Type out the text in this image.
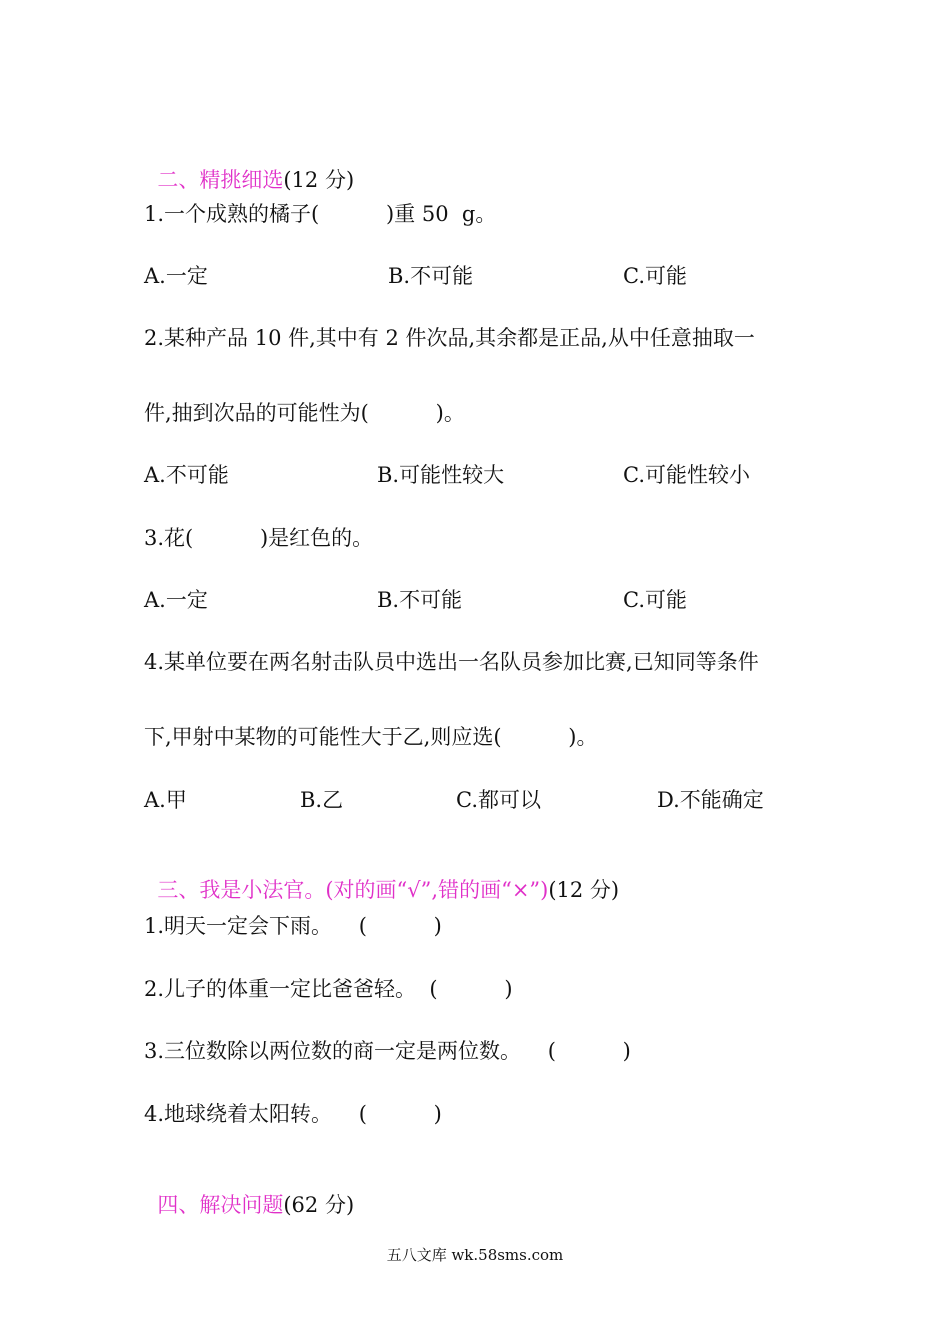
二、精挑细选(12 分)

1.一个成熟的橘子(          )重 50  g。
A.一定	B.不可能	C.可能
2.某种产品 10 件,其中有 2 件次品,其余都是正品,从中任意抽取一
件,抽到次品的可能性为(          )。
A.不可能	B.可能性较大	C.可能性较小
3.花(          )是红色的。
A.一定	B.不可能	C.可能
4.某单位要在两名射击队员中选出一名队员参加比赛,已知同等条件
下,甲射中某物的可能性大于乙,则应选(          )。
A.甲	B.乙	C.都可以	D.不能确定

三、我是小法官。(对的画“√”,错的画“×”)(12 分)

1.明天一定会下雨。    (          )
2.儿子的体重一定比爸爸轻。  (          )
3.三位数除以两位数的商一定是两位数。    (          )
4.地球绕着太阳转。    (          )

四、解决问题(62 分)

五八文库 wk.58sms.com
